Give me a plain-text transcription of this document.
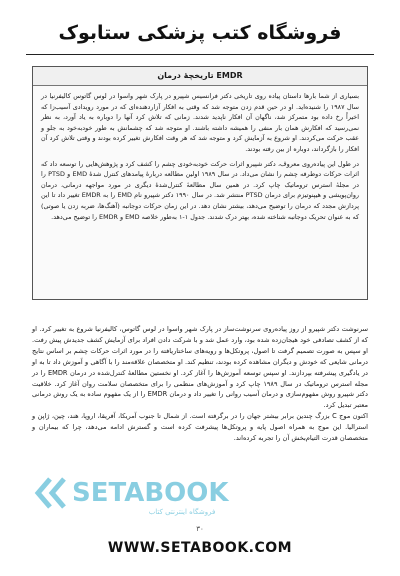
فروشگاه کتب پزشکی ستابوک
تاریخچهٔ درمان EMDR

بسیاری از شما بارها داستان پیاده روی تاریخی دکتر فرانسیس شپیرو در پارک شهر واسوا در لوس گاتوس کالیفرنیا در سال ۱۹۸۷ را شنیده‌اید. او در حین قدم زدن متوجه شد که وقتی به افکار آزاردهنده‌ای که در مورد رویدادی آسیب‌زا که اخیراً رخ داده بود متمرکز شد، ناگهان آن افکار ناپدید شدند. زمانی که تلاش کرد آنها را دوباره به یاد آورد، به نظر نمی‌رسید که افکارش همان بار منفی را همیشه داشته باشند. او متوجه شد که چشمانش به طور خودبه‌خود به جلو و عقب حرکت می‌کردند. او شروع به آزمایش کرد و متوجه شد که هر وقت افکارش تغییر کرده بودند و وقتی تلاش کرد آن افکار را بازگرداند، دوباره از بین رفته بودند.

در طول این پیاده‌روی معروف، دکتر شپیرو اثرات حرکت خودبه‌خودی چشم را کشف کرد و پژوهش‌هایی را توسعه داد که اثرات حرکات دوطرفه چشم را نشان می‌داد. در سال ۱۹۸۹ اولین مطالعه دربارهٔ پیامدهای کنترل شدهٔ EMD و PTSD را در مجلهٔ استرس تروماتیک چاپ کرد. در همین سال مطالعهٔ کنترل‌شدهٔ دیگری در مورد مواجهه درمانی، درمان روان‌پویشی و هیپنوتیزم برای درمان PTSD منتشر شد. در سال ۱۹۹۰ دکتر شپیرو نام EMD را به EMDR تغییر داد تا این پردازش مجدد که درمان را توضیح می‌دهد، بیشتر نشان دهد. در این زمان حرکات دوجانبه (آهنگ‌ها، ضربه زدن یا صوتی) که به عنوان تحریک دوجانبه شناخته شده، بهتر درک شدند. جدول ۱-۱ به‌طور خلاصه EMD و EMDR را توضیح می‌دهد.

سرنوشت دکتر شپیرو از روز پیاده‌روی سرنوشت‌ساز در پارک شهر واسوا در لوس گاتوس، کالیفرنیا شروع به تغییر کرد. او که از کشف تصادفی خود هیجان‌زده شده بود، وارد عمل شد و با شرکت دادن افراد برای آزمایش کشف جدیدش پیش رفت. او سپس به صورت تصمیم گرفت تا اصول، پروتکل‌ها و رویه‌های ساختاریافته را در مورد اثرات حرکات چشم بر اساس نتایج درمانی شایعی که خودش و دیگران مشاهده کرده بودند، تنظیم کند. او متخصصان علاقه‌مند را با آگاهی و آموزش داد تا به او در یادگیری پیشرفته بپردازند. او سپس توسعه آموزش‌ها را آغاز کرد. او نخستین مطالعهٔ کنترل‌شده در درمان EMDR را در مجله استرس تروماتیک در سال ۱۹۸۹ چاپ کرد و آموزش‌های منظمی را برای متخصصان سلامت روان آغاز کرد. خلاقیت دکتر شپیرو روش مفهوم‌سازی و درمان آسیب روانی را تغییر داد و درمان EMDR را از یک مفهوم ساده به یک روش درمانی معتبر تبدیل کرد.

اکنون موج C بزرگ چندین برابر بیشتر جهان را در برگرفته است. از شمال تا جنوب آمریکا، آفریقا، اروپا، هند، چین، ژاپن و استرالیا. این موج به همراه اصول پایه و پروتکل‌ها پیشرفت کرده است و گسترش ادامه می‌دهد، چرا که بیماران و متخصصان قدرت التیام‌بخش آن را تجربه کرده‌اند.

SETABOOK
فروشگاه اینترنتی کتاب
۳۰
WWW.SETABOOK.COM
